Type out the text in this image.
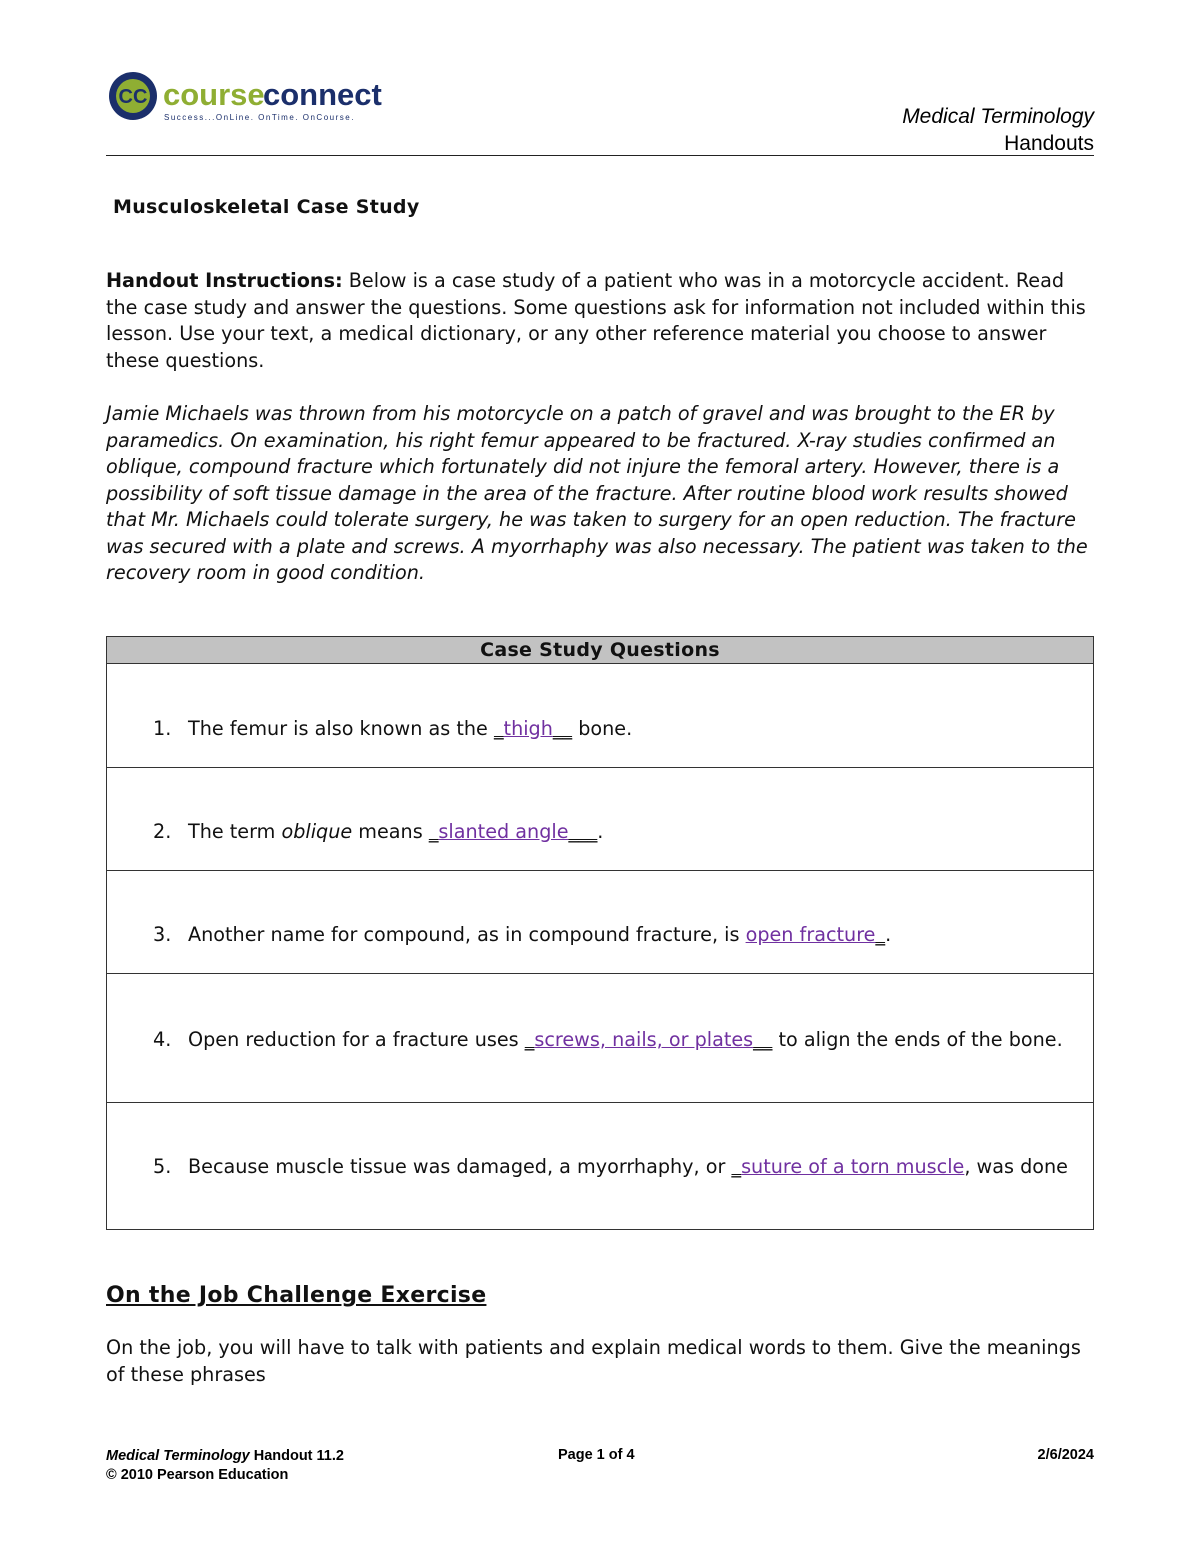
CC course
connect
Success...OnLine. OnTime. OnCourse.	Medical Terminology
Handouts
Musculoskeletal Case Study
Handout Instructions: Below is a case study of a patient who was in a motorcycle accident. Read the case study and answer the questions. Some questions ask for information not included within this lesson. Use your text, a medical dictionary, or any other reference material you choose to answer these questions.
Jamie Michaels was thrown from his motorcycle on a patch of gravel and was brought to the ER by paramedics. On examination, his right femur appeared to be fractured. X-ray studies confirmed an oblique, compound fracture which fortunately did not injure the femoral artery. However, there is a possibility of soft tissue damage in the area of the fracture. After routine blood work results showed that Mr. Michaels could tolerate surgery, he was taken to surgery for an open reduction. The fracture was secured with a plate and screws. A myorrhaphy was also necessary. The patient was taken to the recovery room in good condition.
Case Study Questions
1. The femur is also known as the _thigh__ bone.
2. The term oblique means _slanted angle___.
3. Another name for compound, as in compound fracture, is open fracture_.
4. Open reduction for a fracture uses _screws, nails, or plates__ to align the ends of the bone.
5. Because muscle tissue was damaged, a myorrhaphy, or _suture of a torn muscle, was done
On the Job Challenge Exercise
On the job, you will have to talk with patients and explain medical words to them. Give the meanings of these phrases
Medical Terminology Handout 11.2
© 2010 Pearson Education
Page 1 of 4	2/6/2024
